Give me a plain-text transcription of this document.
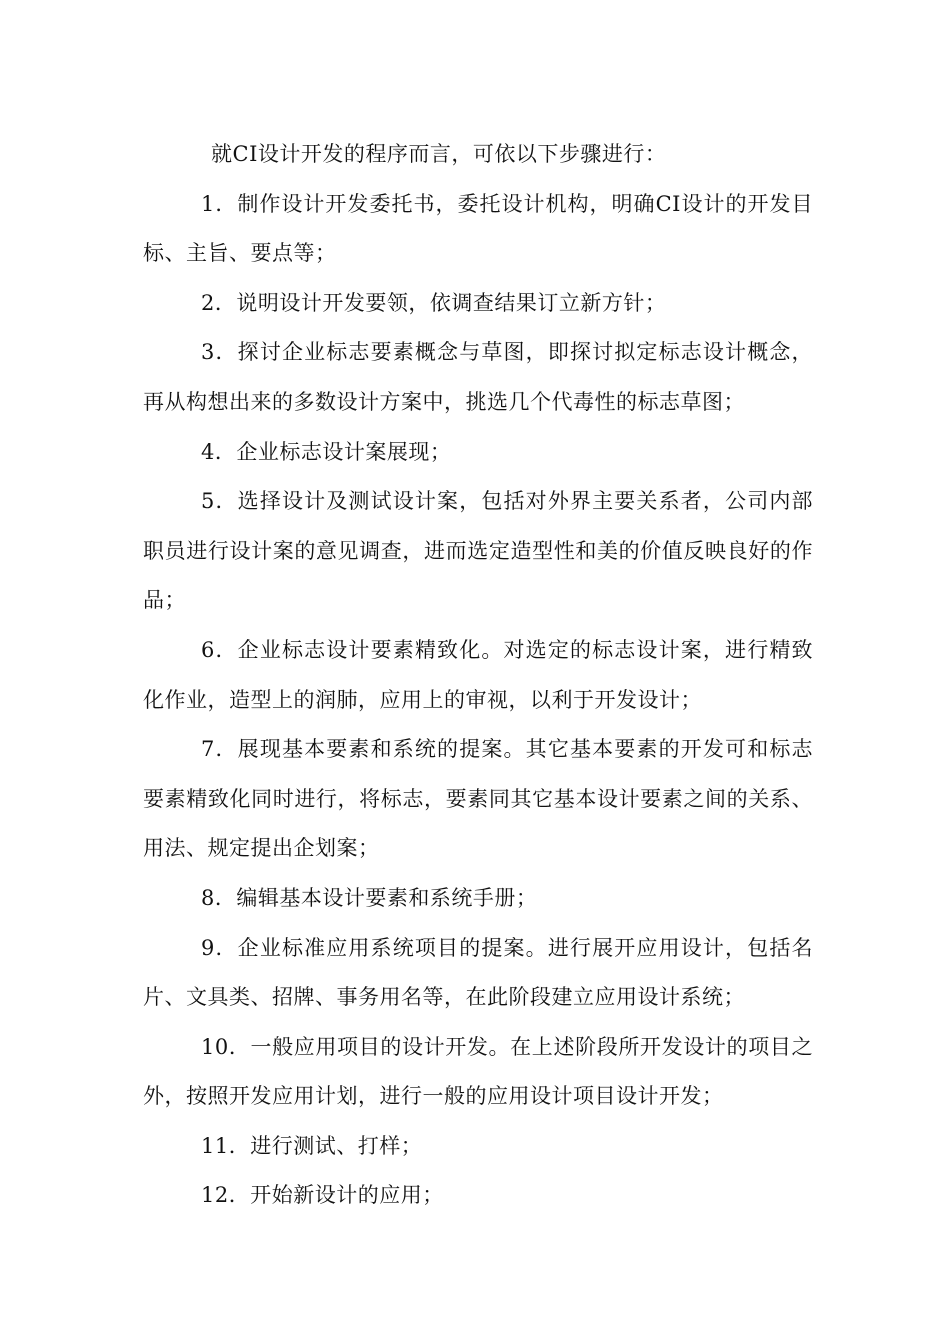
就CI设计开发的程序而言，可依以下步骤进行：

1．制作设计开发委托书，委托设计机构，明确CI设计的开发目标、主旨、要点等；

2．说明设计开发要领，依调查结果订立新方针；

3．探讨企业标志要素概念与草图，即探讨拟定标志设计概念，再从构想出来的多数设计方案中，挑选几个代毒性的标志草图；

4．企业标志设计案展现；

5．选择设计及测试设计案，包括对外界主要关系者，公司内部职员进行设计案的意见调查，进而选定造型性和美的价值反映良好的作品；

6．企业标志设计要素精致化。对选定的标志设计案，进行精致化作业，造型上的润肺，应用上的审视，以利于开发设计；

7．展现基本要素和系统的提案。其它基本要素的开发可和标志要素精致化同时进行，将标志，要素同其它基本设计要素之间的关系、用法、规定提出企划案；

8．编辑基本设计要素和系统手册；

9．企业标准应用系统项目的提案。进行展开应用设计，包括名片、文具类、招牌、事务用名等，在此阶段建立应用设计系统；

10．一般应用项目的设计开发。在上述阶段所开发设计的项目之外，按照开发应用计划，进行一般的应用设计项目设计开发；

11．进行测试、打样；

12．开始新设计的应用；
